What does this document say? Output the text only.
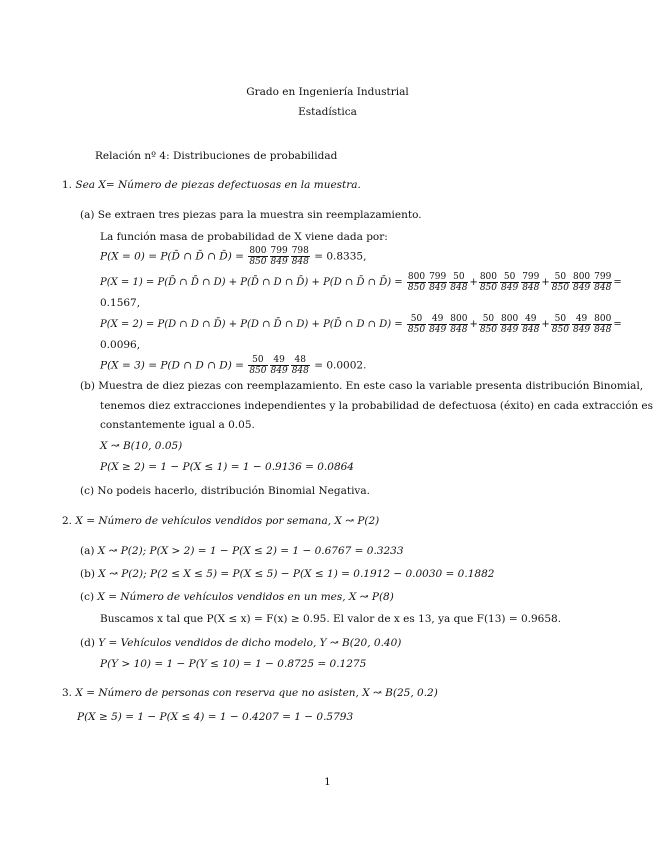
Grado en Ingeniería Industrial
Estadística
Relación nº 4: Distribuciones de probabilidad
1. Sea X= Número de piezas defectuosas en la muestra.
(a) Se extraen tres piezas para la muestra sin reemplazamiento.
La función masa de probabilidad de X viene dada por:
P(X = 0) = P(D̄ ∩ D̄ ∩ D̄) = $\frac{800}{850} \frac{799}{849} \frac{798}{848} = 0.8335$,
P(X = 1) = P(D̄ ∩ D̄ ∩ D) + P(D̄ ∩ D ∩ D̄) + P(D ∩ D̄ ∩ D̄) = $\frac{800}{850} \frac{799}{849} \frac{50}{848} + \frac{800}{850} \frac{50}{849} \frac{799}{848} + \frac{50}{850} \frac{800}{849} \frac{799}{848}$ =
0.1567,
P(X = 2) = P(D ∩ D ∩ D̄) + P(D ∩ D̄ ∩ D) + P(D̄ ∩ D ∩ $D) = \frac{50}{850} \frac{49}{849} \frac{800}{848} + \frac{50}{850} \frac{800}{849} \frac{49}{848} + \frac{50}{850} \frac{49}{849} \frac{800}{848}$ =
0.0096,
P(X = 3) = P(D ∩ D ∩ $D) = \frac{50}{850} \frac{49}{849} \frac{48}{848} = 0.0002$.
(b) Muestra de diez piezas con reemplazamiento. En este caso la variable presenta distribución Binomial,
tenemos diez extracciones independientes y la probabilidad de defectuosa (éxito) en cada extracción es
constantemente igual a 0.05.
X ↝ B(10, 0.05)
P(X ≥ 2) = 1 − P(X ≤ 1) = 1 − 0.9136 = 0.0864
(c) No podeis hacerlo, distribución Binomial Negativa.
2. X = Número de vehículos vendidos por semana, X ↝ P(2)
(a) X ↝ P(2); P(X > 2) = 1 − P(X ≤ 2) = 1 − 0.6767 = 0.3233
(b) X ↝ P(2); P(2 ≤ X ≤ 5) = P(X ≤ 5) − P(X ≤ 1) = 0.1912 − 0.0030 = 0.1882
(c) X = Número de vehículos vendidos en un mes, X ↝ P(8)
Buscamos x tal que P(X ≤ x) = F(x) ≥ 0.95. El valor de x es 13, ya que F(13) = 0.9658.
(d) Y = Vehículos vendidos de dicho modelo, Y ↝ B(20, 0.40)
P(Y > 10) = 1 − P(Y ≤ 10) = 1 − 0.8725 = 0.1275
3. X = Número de personas con reserva que no asisten, X ↝ B(25, 0.2)
P(X ≥ 5) = 1 − P(X ≤ 4) = 1 − 0.4207 = 1 − 0.5793
1
